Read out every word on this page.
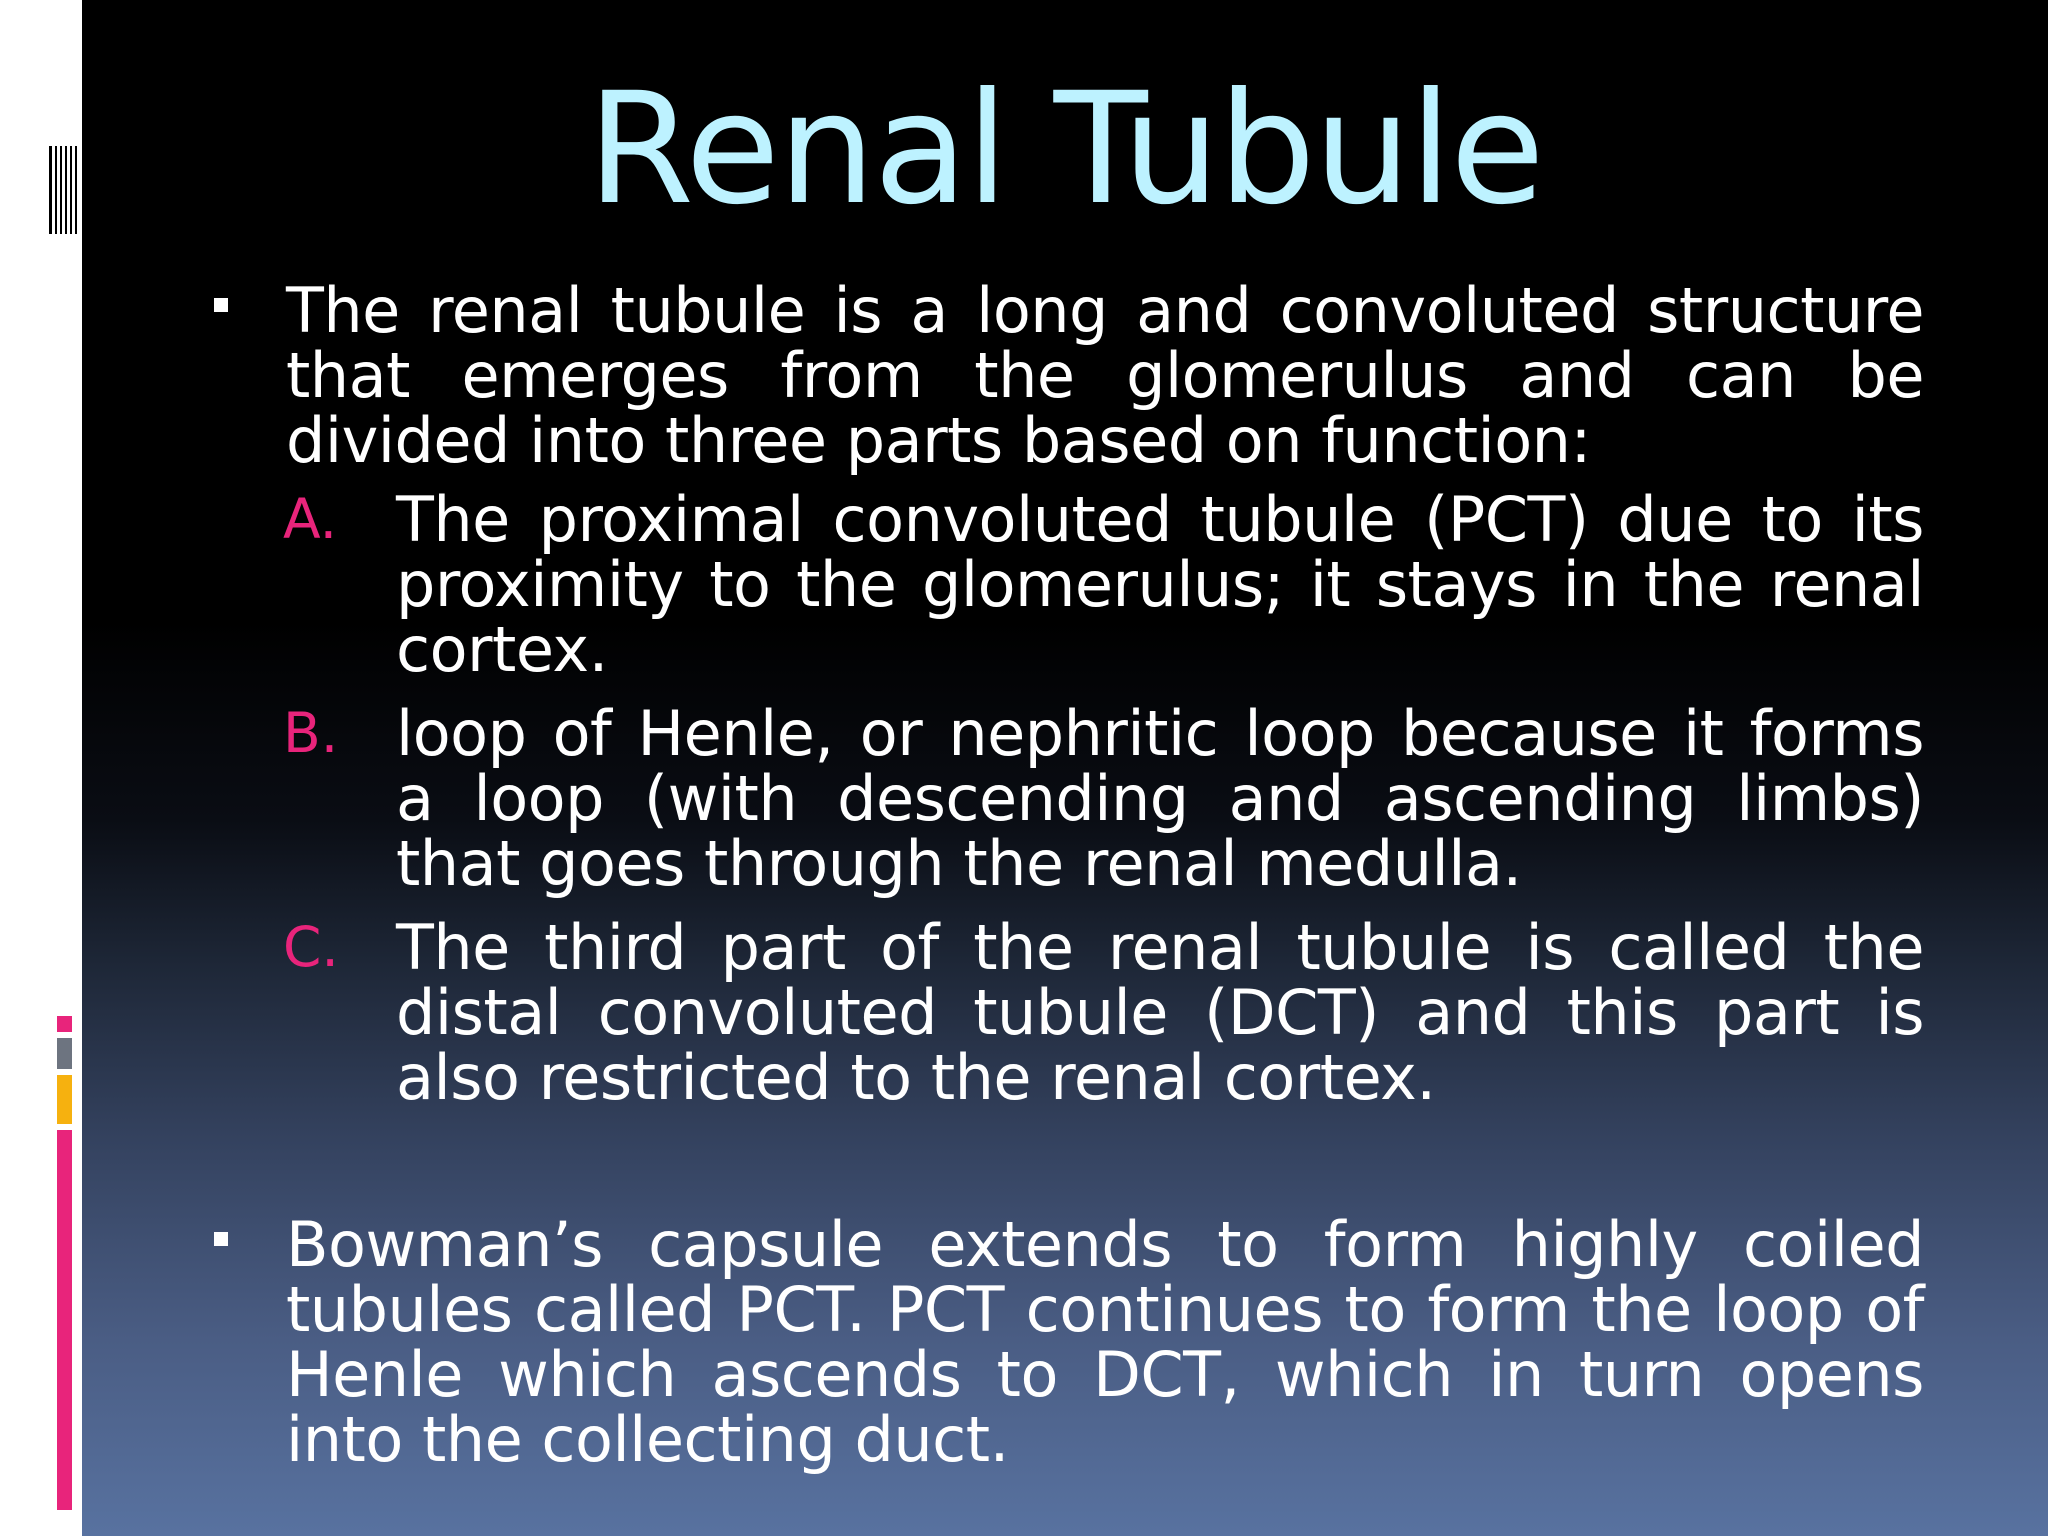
Renal Tubule

The renal tubule is a long and convoluted structure that emerges from the glomerulus and can be divided into three parts based on function:

A. The proximal convoluted tubule (PCT) due to its proximity to the glomerulus; it stays in the renal cortex.

B. loop of Henle, or nephritic loop because it forms a loop (with descending and ascending limbs) that goes through the renal medulla.

C. The third part of the renal tubule is called the distal convoluted tubule (DCT) and this part is also restricted to the renal cortex.

Bowman’s capsule extends to form highly coiled tubules called PCT. PCT continues to form the loop of Henle which ascends to DCT, which in turn opens into the collecting duct.
